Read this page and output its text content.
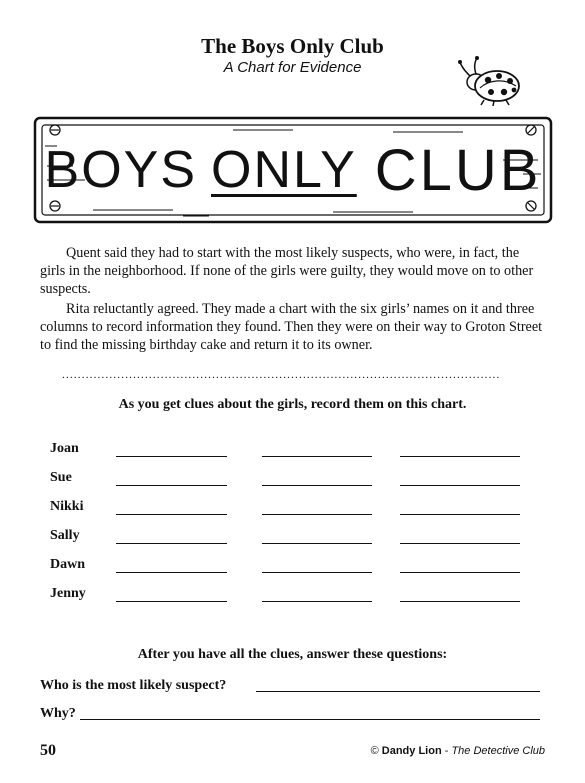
The Boys Only Club
A Chart for Evidence
BOYS ONLY CLUB

Quent said they had to start with the most likely suspects, who were, in fact, the girls in the neighborhood. If none of the girls were guilty, they would move on to other suspects.

Rita reluctantly agreed. They made a chart with the six girls’ names on it and three columns to record information they found. Then they were on their way to Groton Street to find the missing birthday cake and return it to its owner.

...............................................................................................................
As you get clues about the girls, record them on this chart.
Joan
Sue
Nikki
Sally
Dawn
Jenny
After you have all the clues, answer these questions:
Who is the most likely suspect?
Why?
50	© Dandy Lion - The Detective Club
